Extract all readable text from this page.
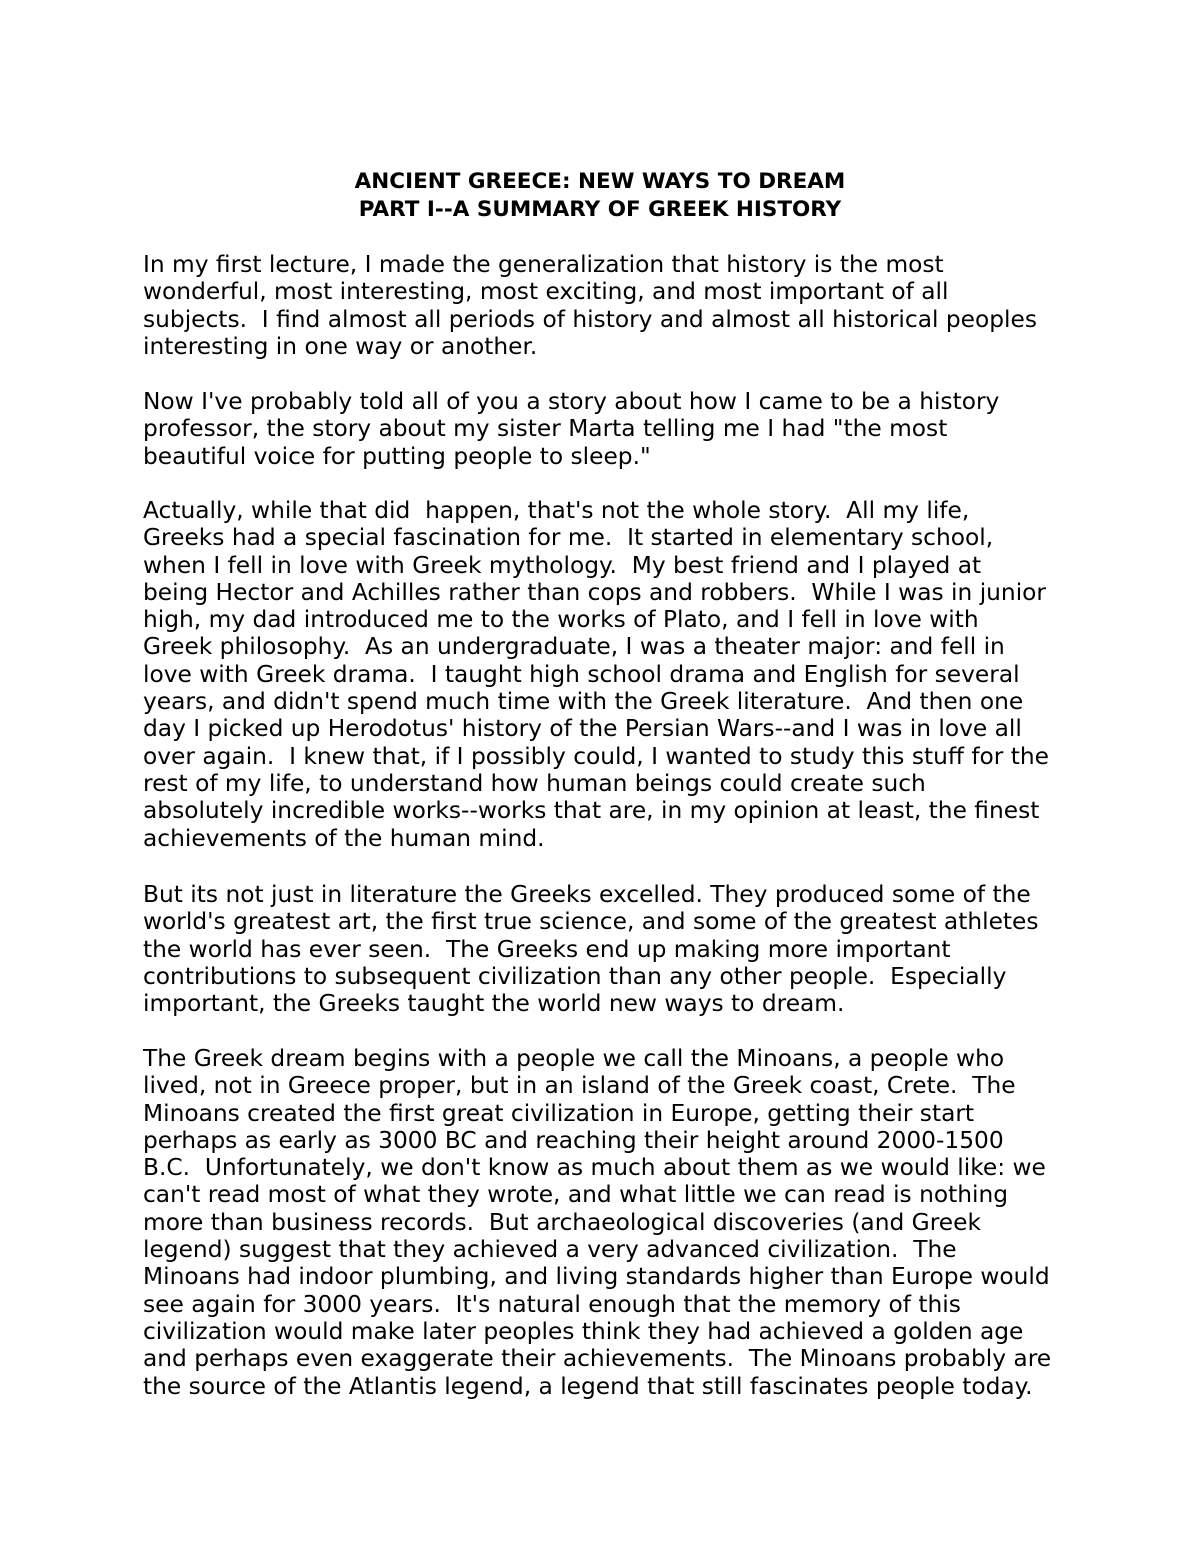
ANCIENT GREECE: NEW WAYS TO DREAM
PART I--A SUMMARY OF GREEK HISTORY
In my first lecture, I made the generalization that history is the most
wonderful, most interesting, most exciting, and most important of all
subjects.  I find almost all periods of history and almost all historical peoples
interesting in one way or another.
Now I've probably told all of you a story about how I came to be a history
professor, the story about my sister Marta telling me I had "the most
beautiful voice for putting people to sleep."
Actually, while that did  happen, that's not the whole story.  All my life,
Greeks had a special fascination for me.  It started in elementary school,
when I fell in love with Greek mythology.  My best friend and I played at
being Hector and Achilles rather than cops and robbers.  While I was in junior
high, my dad introduced me to the works of Plato, and I fell in love with
Greek philosophy.  As an undergraduate, I was a theater major: and fell in
love with Greek drama.  I taught high school drama and English for several
years, and didn't spend much time with the Greek literature.  And then one
day I picked up Herodotus' history of the Persian Wars--and I was in love all
over again.  I knew that, if I possibly could, I wanted to study this stuff for the
rest of my life, to understand how human beings could create such
absolutely incredible works--works that are, in my opinion at least, the finest
achievements of the human mind.
But its not just in literature the Greeks excelled. They produced some of the
world's greatest art, the first true science, and some of the greatest athletes
the world has ever seen.  The Greeks end up making more important
contributions to subsequent civilization than any other people.  Especially
important, the Greeks taught the world new ways to dream.
The Greek dream begins with a people we call the Minoans, a people who
lived, not in Greece proper, but in an island of the Greek coast, Crete.  The
Minoans created the first great civilization in Europe, getting their start
perhaps as early as 3000 BC and reaching their height around 2000-1500
B.C.  Unfortunately, we don't know as much about them as we would like: we
can't read most of what they wrote, and what little we can read is nothing
more than business records.  But archaeological discoveries (and Greek
legend) suggest that they achieved a very advanced civilization.  The
Minoans had indoor plumbing, and living standards higher than Europe would
see again for 3000 years.  It's natural enough that the memory of this
civilization would make later peoples think they had achieved a golden age
and perhaps even exaggerate their achievements.  The Minoans probably are
the source of the Atlantis legend, a legend that still fascinates people today.
